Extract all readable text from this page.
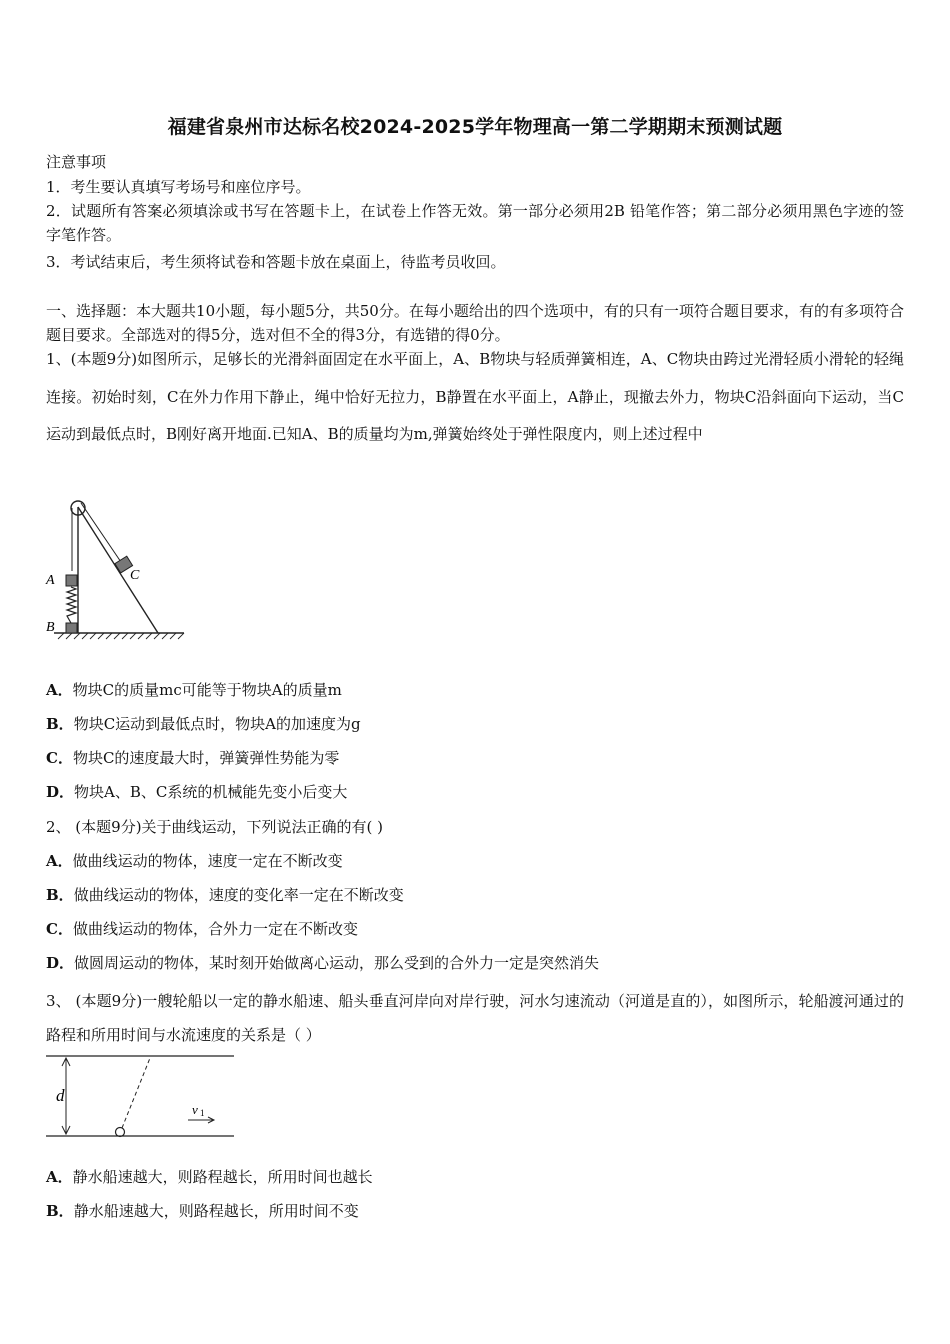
福建省泉州市达标名校2024-2025学年物理高一第二学期期末预测试题
注意事项
1．考生要认真填写考场号和座位序号。
2．试题所有答案必须填涂或书写在答题卡上，在试卷上作答无效。第一部分必须用2B 铅笔作答；第二部分必须用黑色字迹的签字笔作答。
3．考试结束后，考生须将试卷和答题卡放在桌面上，待监考员收回。
一、选择题：本大题共10小题，每小题5分，共50分。在每小题给出的四个选项中，有的只有一项符合题目要求，有的有多项符合题目要求。全部选对的得5分，选对但不全的得3分，有选错的得0分。
1、(本题9分)如图所示，足够长的光滑斜面固定在水平面上，A、B物块与轻质弹簧相连，A、C物块由跨过光滑轻质小滑轮的轻绳连接。初始时刻，C在外力作用下静止，绳中恰好无拉力，B静置在水平面上，A静止，现撤去外力，物块C沿斜面向下运动，当C运动到最低点时，B刚好离开地面.已知A、B的质量均为m,弹簧始终处于弹性限度内，则上述过程中
A
B
C
A．物块C的质量mc可能等于物块A的质量m
B．物块C运动到最低点时，物块A的加速度为g
C．物块C的速度最大时，弹簧弹性势能为零
D．物块A、B、C系统的机械能先变小后变大
2、 (本题9分)关于曲线运动，下列说法正确的有( )
A．做曲线运动的物体，速度一定在不断改变
B．做曲线运动的物体，速度的变化率一定在不断改变
C．做曲线运动的物体，合外力一定在不断改变
D．做圆周运动的物体，某时刻开始做离心运动，那么受到的合外力一定是突然消失
3、 (本题9分)一艘轮船以一定的静水船速、船头垂直河岸向对岸行驶，河水匀速流动（河道是直的），如图所示，轮船渡河通过的路程和所用时间与水流速度的关系是（ ）
d
v 1
A．静水船速越大，则路程越长，所用时间也越长
B．静水船速越大，则路程越长，所用时间不变
